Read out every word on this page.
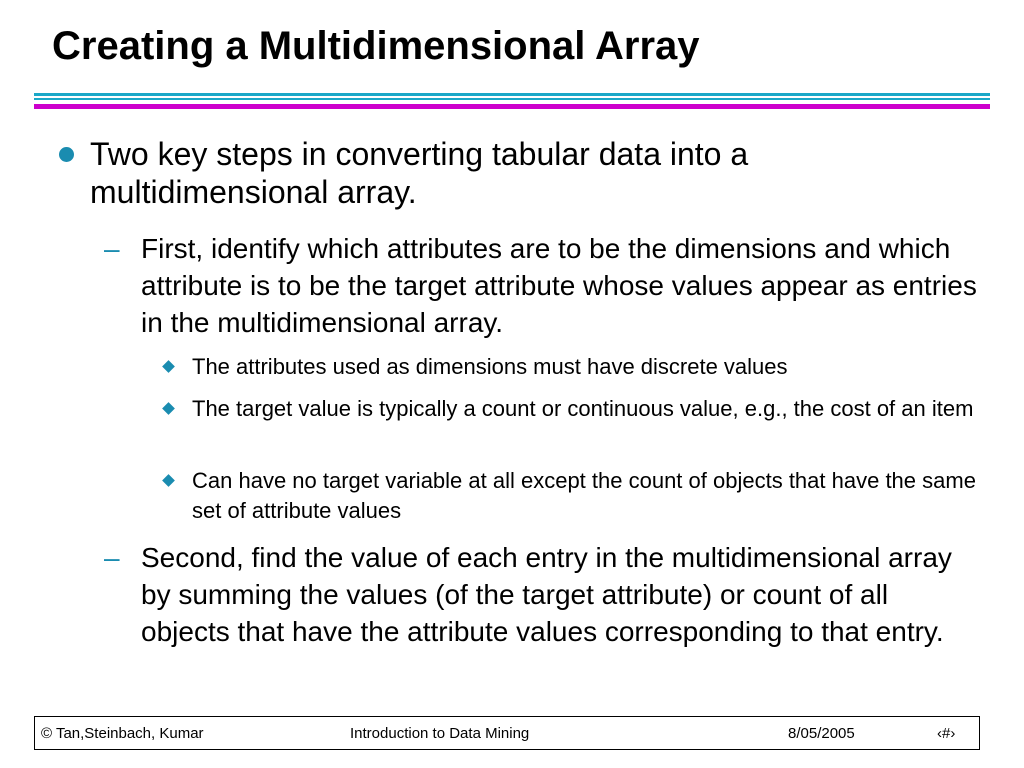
Creating a Multidimensional Array
Two key steps in converting tabular data into a multidimensional array.
– First, identify which attributes are to be the dimensions and which attribute is to be the target attribute whose values appear as entries in the multidimensional array.
The attributes used as dimensions must have discrete values
The target value is typically a count or continuous value, e.g., the cost of an item
Can have no target variable at all except the count of objects that have the same set of attribute values
– Second, find the value of each entry in the multidimensional array by summing the values (of the target attribute) or count of all objects that have the attribute values corresponding to that entry.
© Tan,Steinbach, Kumar	Introduction to Data Mining	8/05/2005	‹#›
